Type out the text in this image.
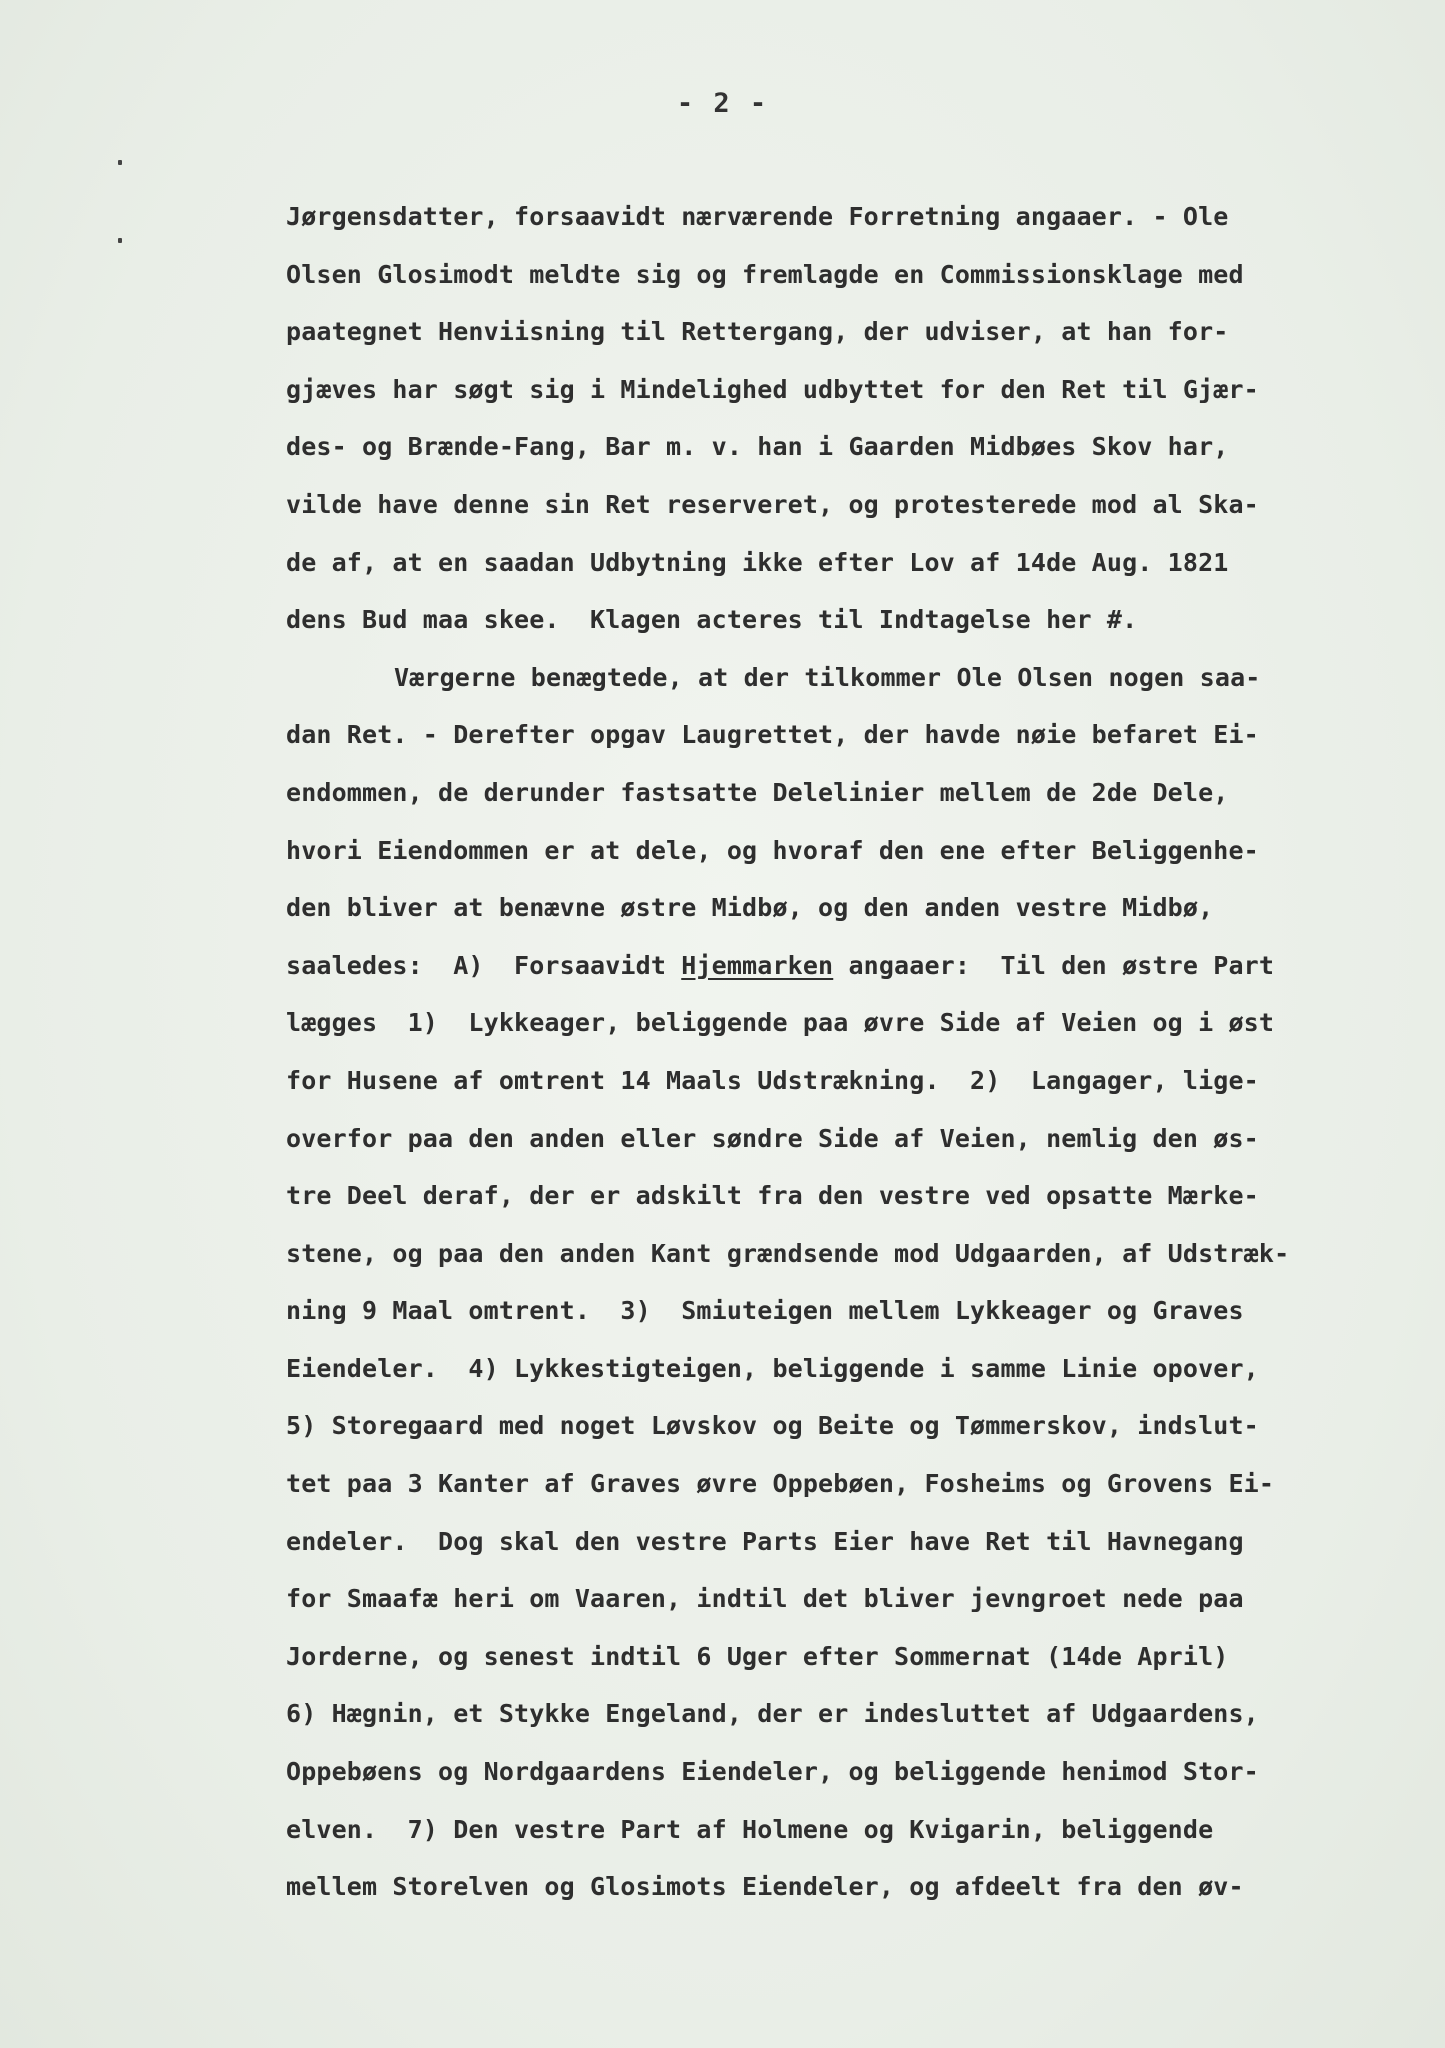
- 2 -
Jørgensdatter, forsaavidt nærværende Forretning angaaer. - Ole
Olsen Glosimodt meldte sig og fremlagde en Commissionsklage med
paategnet Henviisning til Rettergang, der udviser, at han for-
gjæves har søgt sig i Mindelighed udbyttet for den Ret til Gjær-
des- og Brænde-Fang, Bar m. v. han i Gaarden Midbøes Skov har,
vilde have denne sin Ret reserveret, og protesterede mod al Ska-
de af, at en saadan Udbytning ikke efter Lov af 14de Aug. 1821
dens Bud maa skee.  Klagen acteres til Indtagelse her #.
Værgerne benægtede, at der tilkommer Ole Olsen nogen saa-
dan Ret. - Derefter opgav Laugrettet, der havde nøie befaret Ei-
endommen, de derunder fastsatte Delelinier mellem de 2de Dele,
hvori Eiendommen er at dele, og hvoraf den ene efter Beliggenhe-
den bliver at benævne østre Midbø, og den anden vestre Midbø,
saaledes:  A)  Forsaavidt Hjemmarken angaaer:  Til den østre Part
lægges  1)  Lykkeager, beliggende paa øvre Side af Veien og i øst
for Husene af omtrent 14 Maals Udstrækning.  2)  Langager, lige-
overfor paa den anden eller søndre Side af Veien, nemlig den øs-
tre Deel deraf, der er adskilt fra den vestre ved opsatte Mærke-
stene, og paa den anden Kant grændsende mod Udgaarden, af Udstræk-
ning 9 Maal omtrent.  3)  Smiuteigen mellem Lykkeager og Graves
Eiendeler.  4) Lykkestigteigen, beliggende i samme Linie opover,
5) Storegaard med noget Løvskov og Beite og Tømmerskov, indslut-
tet paa 3 Kanter af Graves øvre Oppebøen, Fosheims og Grovens Ei-
endeler.  Dog skal den vestre Parts Eier have Ret til Havnegang
for Smaafæ heri om Vaaren, indtil det bliver jevngroet nede paa
Jorderne, og senest indtil 6 Uger efter Sommernat (14de April)
6) Hægnin, et Stykke Engeland, der er indesluttet af Udgaardens,
Oppebøens og Nordgaardens Eiendeler, og beliggende henimod Stor-
elven.  7) Den vestre Part af Holmene og Kvigarin, beliggende
mellem Storelven og Glosimots Eiendeler, og afdeelt fra den øv-
